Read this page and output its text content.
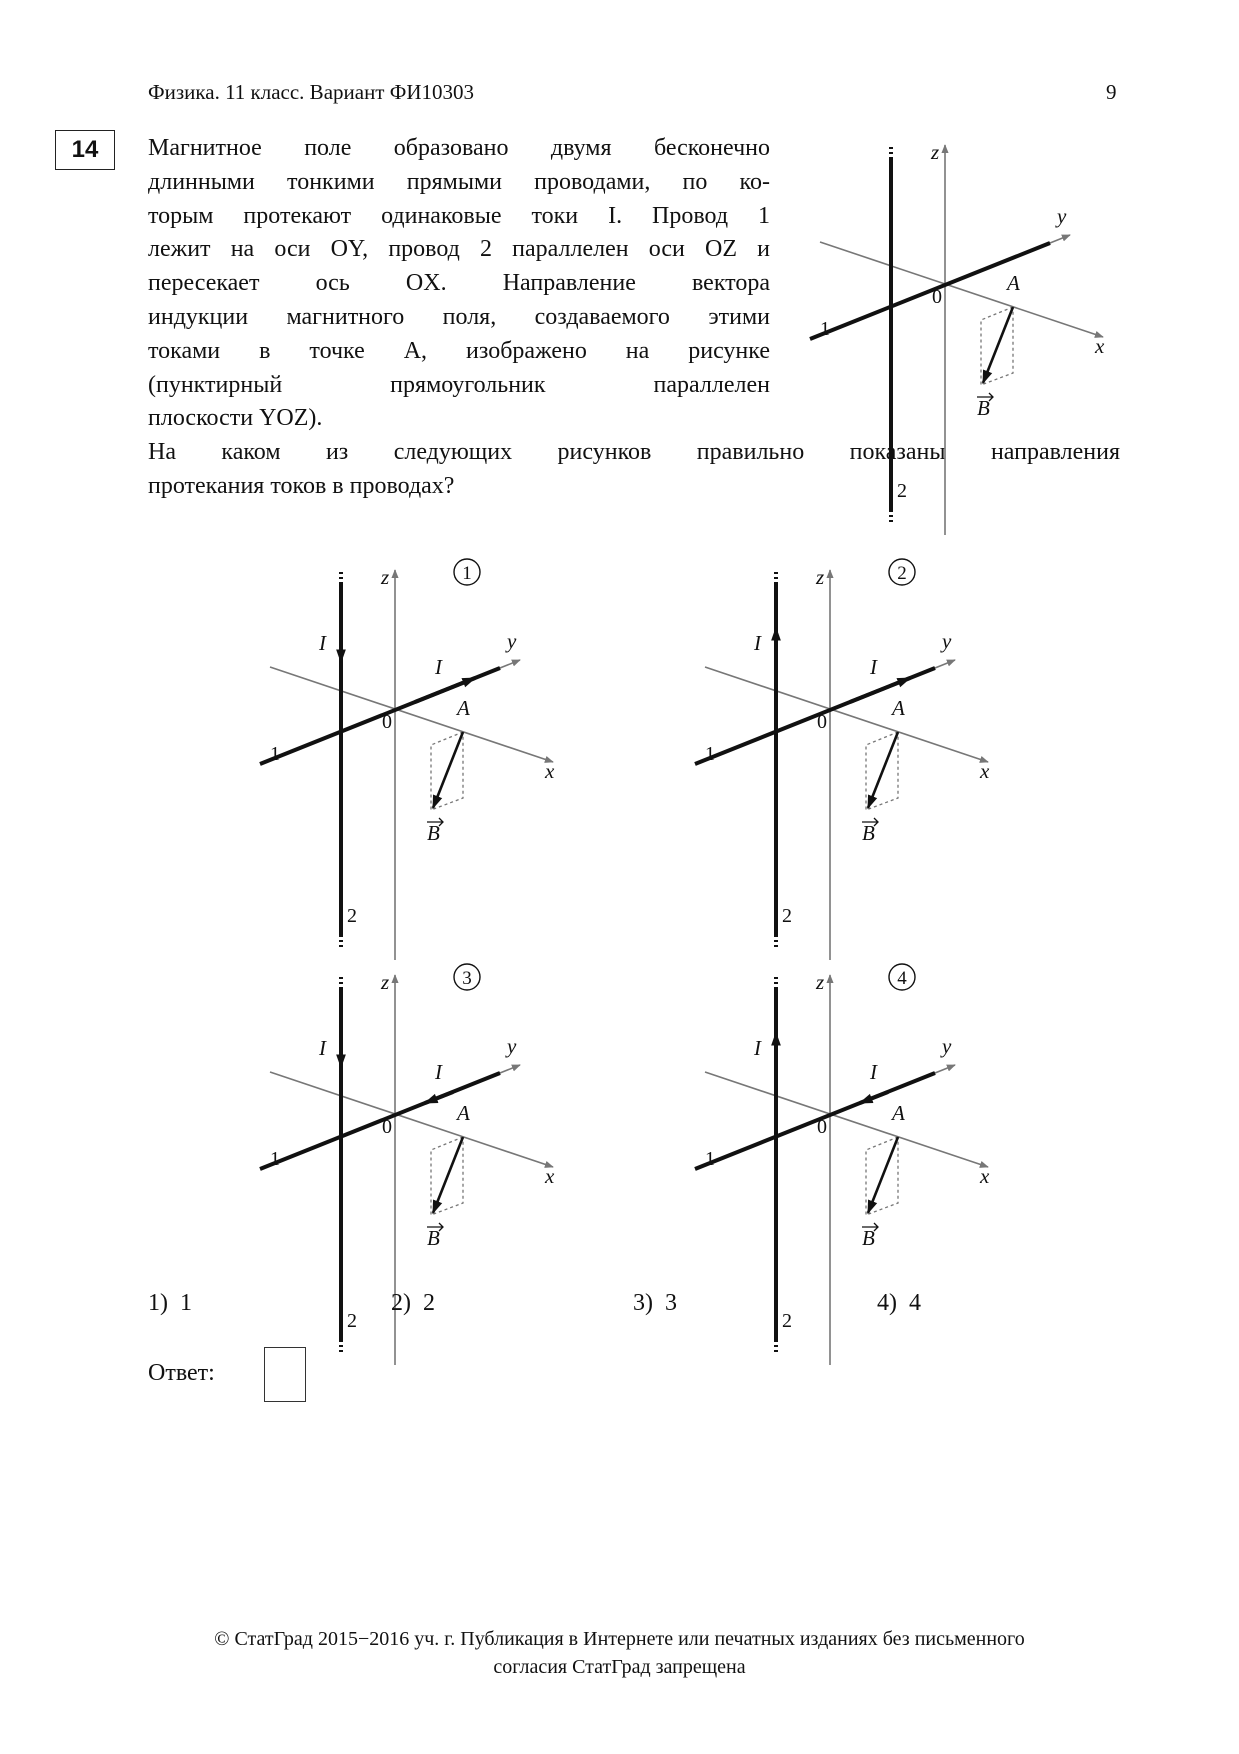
Физика. 11 класс. Вариант ФИ10303	9
14	Магнитное поле образовано двумя бесконечно
длинными тонкими прямыми проводами, по ко-
торым протекают одинаковые токи I. Провод 1
лежит на оси OY, провод 2 параллелен оси OZ и
пересекает ось OX. Направление вектора
индукции магнитного поля, создаваемого этими
токами в точке A, изображено на рисунке
(пунктирный прямоугольник параллелен
плоскости YOZ).
На каком из следующих рисунков правильно показаны направления
протекания токов в проводах?
z
y
x
0
A
1
2
B
z
y
x
0
A
1
2
B
I
I
1	z
y
x
0
A
1
2
B
I
I
2
z
y
x
0
A
1
2
B
I
I
3	z
y
x
0
A
1
2
B
I
I
4
1) 1	2) 2	3) 3	4) 4
Ответ:
© СтатГрад 2015−2016 уч. г. Публикация в Интернете или печатных изданиях без письменного
согласия СтатГрад запрещена
